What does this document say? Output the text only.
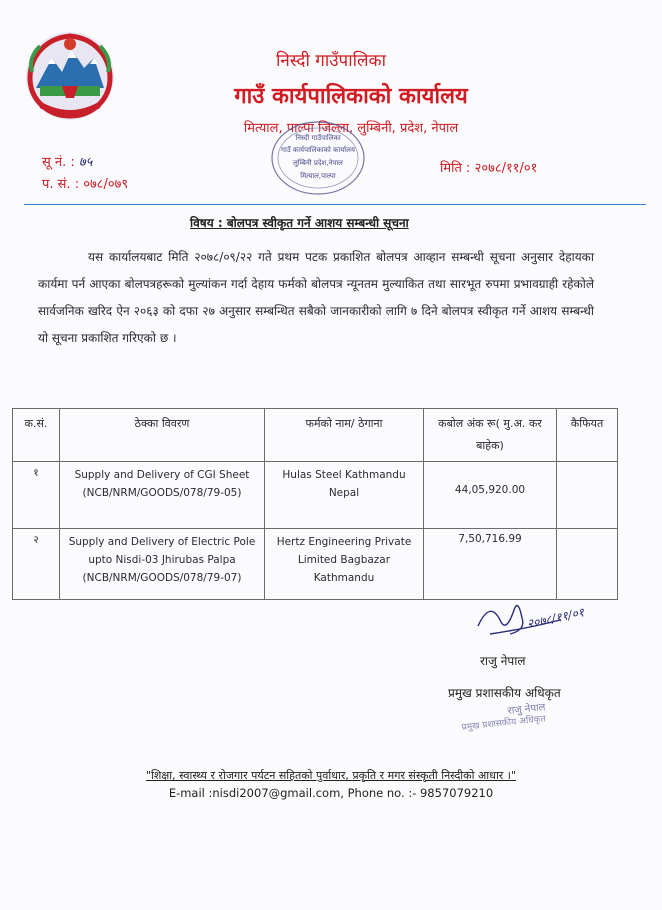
निस्दी गाउँपालिका
गाउँ कार्यपालिकाको कार्यालय
मित्याल, पाल्पा जिल्ला, लुम्बिनी, प्रदेश, नेपाल
निस्दी गाउँपालिका
गाउँ कार्यपालिकाको कार्यालय
लुम्बिनी प्रदेश,नेपाल
मित्याल,पाल्पा
सू नं. : ७५
प. सं. : ०७८/०७९
मिति : २०७८/११/०१
विषय : बोलपत्र स्वीकृत गर्ने आशय सम्बन्धी सूचना
यस कार्यालयबाट मिति २०७८/०९/२२ गते प्रथम पटक प्रकाशित बोलपत्र आव्हान सम्बन्धी सूचना अनुसार देहायका कार्यमा पर्न आएका बोलपत्रहरूको मुल्यांकन गर्दा देहाय फर्मको बोलपत्र न्यूनतम मुल्याकित तथा सारभूत रुपमा प्रभावग्राही रहेकोले सार्वजनिक खरिद ऐन २०६३ को दफा २७ अनुसार सम्बन्धित सबैको जानकारीको लागि ७ दिने बोलपत्र स्वीकृत गर्ने आशय सम्बन्धी यो सूचना प्रकाशित गरिएको छ ।
क.सं.	ठेक्का विवरण	फर्मको नाम/ ठेगाना	कबोल अंक रू( मु.अ. कर बाहेक)	कैफियत
१	Supply and Delivery of CGI Sheet (NCB/NRM/GOODS/078/79-05)	Hulas Steel Kathmandu Nepal	44,05,920.00	

२	Supply and Delivery of Electric Pole upto Nisdi-03 Jhirubas Palpa (NCB/NRM/GOODS/078/79-07)	Hertz Engineering Private Limited Bagbazar Kathmandu	7,50,716.99	
२०७८/११/०१
राजु नेपाल
प्रमुख प्रशासकीय अधिकृत
राजु नेपाल
प्रमुख प्रशासकीय अधिकृत
"शिक्षा, स्वास्थ्य र रोजगार पर्यटन सहितको पुर्वाधार, प्रकृति र मगर संस्कृती निस्दीको आधार ।"
E-mail :nisdi2007@gmail.com, Phone no. :- 9857079210
